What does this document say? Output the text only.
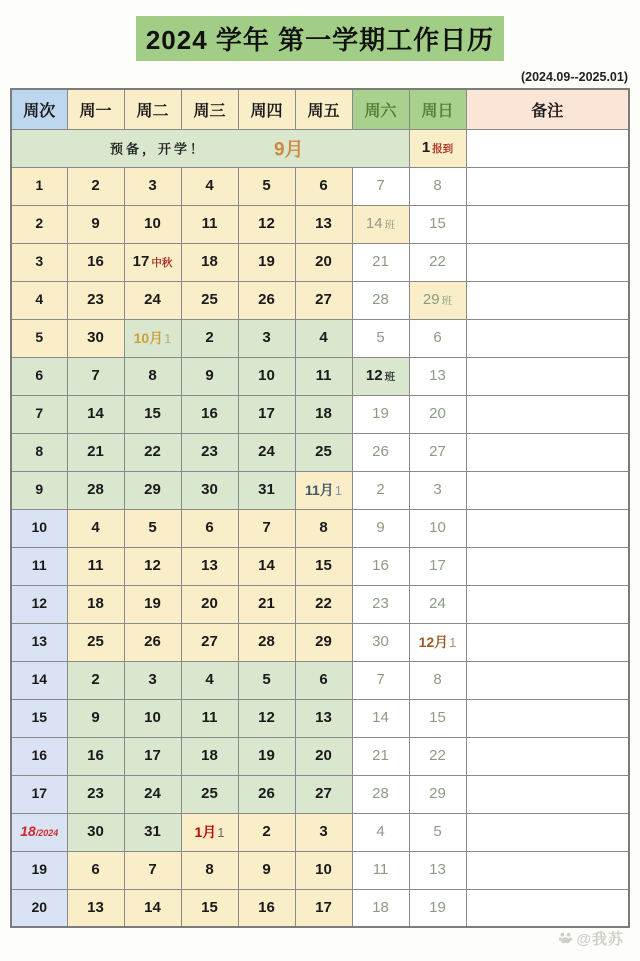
2024 学年 第一学期工作日历
(2024.09--2025.01)
周次	周一	周二	周三	周四	周五	周六	周日	备注

预备，开学！ 9月							1 报到	
1	2	3	4	5	6	7	8	
2	9	10	11	12	13	14 班	15	
3	16	17 中秋	18	19	20	21	22	
4	23	24	25	26	27	28	29 班	
5	30	10月1	2	3	4	5	6	
6	7	8	9	10	11	12 班	13	
7	14	15	16	17	18	19	20	
8	21	22	23	24	25	26	27	
9	28	29	30	31	11月1	2	3	
10	4	5	6	7	8	9	10	
11	11	12	13	14	15	16	17	
12	18	19	20	21	22	23	24	
13	25	26	27	28	29	30	12月1	
14	2	3	4	5	6	7	8	
15	9	10	11	12	13	14	15	
16	16	17	18	19	20	21	22	
17	23	24	25	26	27	28	29	
18/2024	30	31	1月1	2	3	4	5	
19	6	7	8	9	10	11	13	
20	13	14	15	16	17	18	19	
@我苏
